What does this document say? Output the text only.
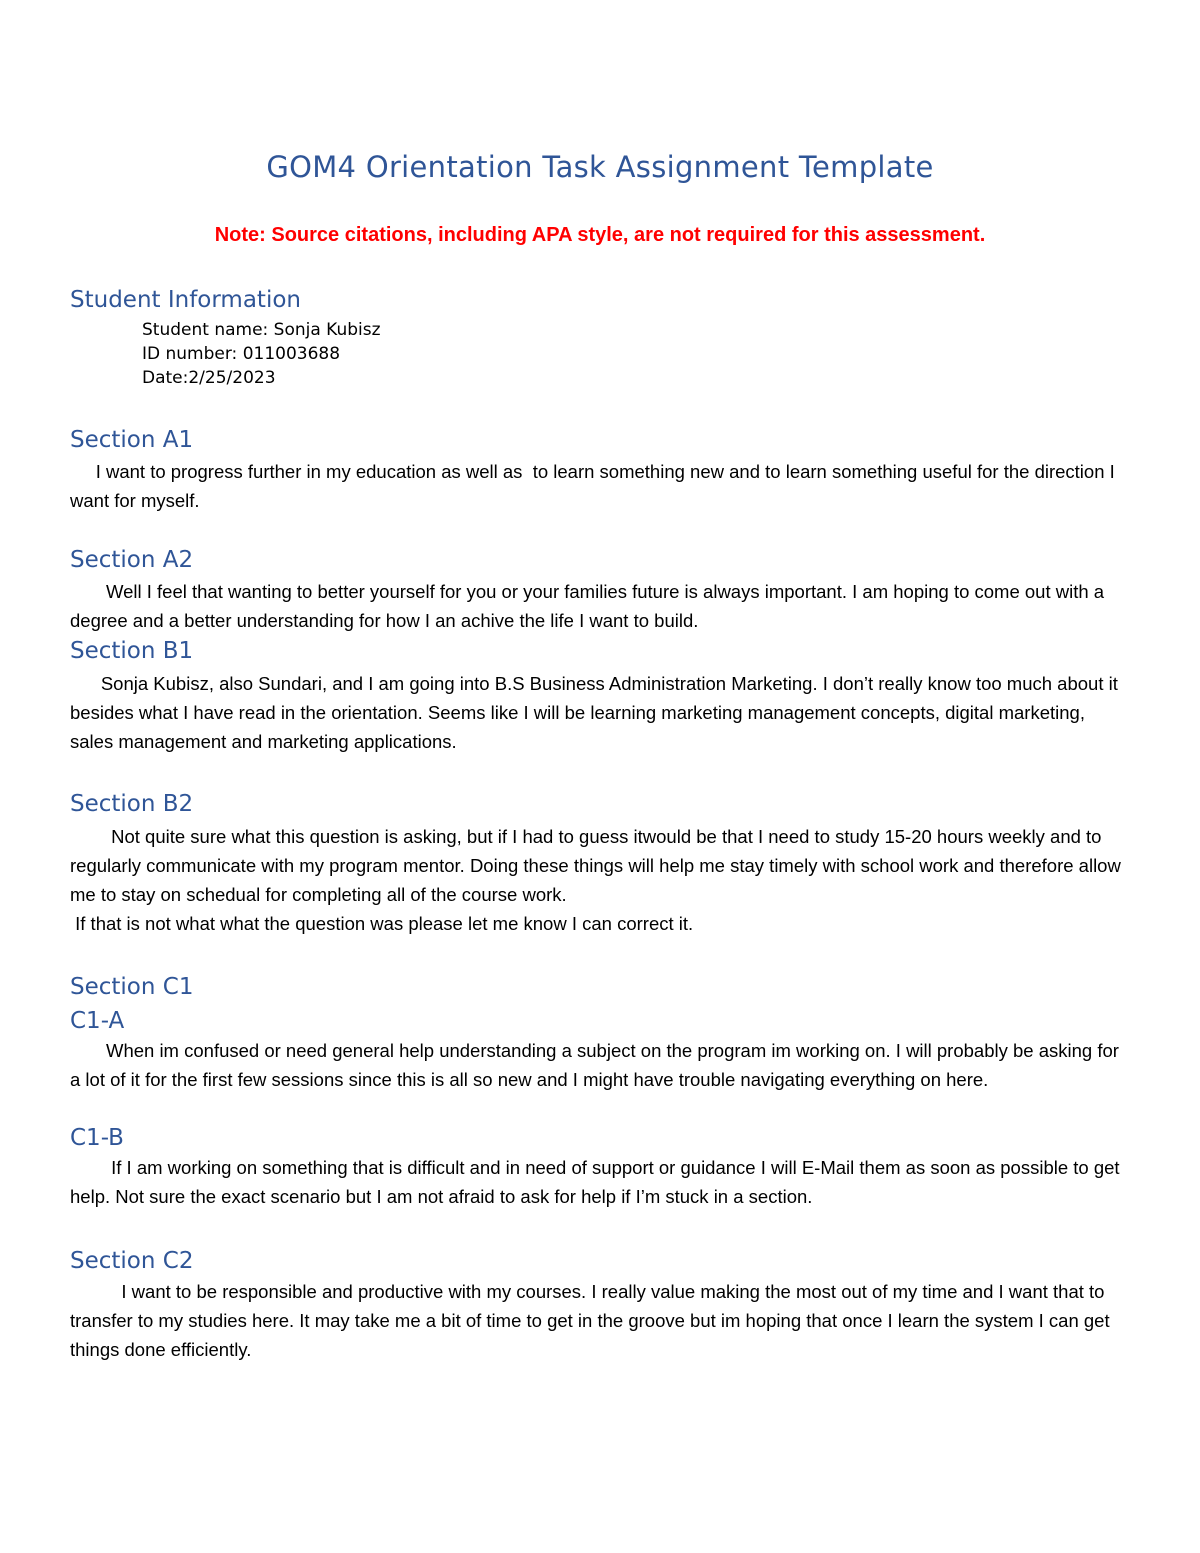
GOM4 Orientation Task Assignment Template
Note: Source citations, including APA style, are not required for this assessment.
Student Information
Student name: Sonja Kubisz
ID number: 011003688
Date:2/25/2023
Section A1

I want to progress further in my education as well as  to learn something new and to learn something useful for the direction I want for myself.

Section A2

Well I feel that wanting to better yourself for you or your families future is always important. I am hoping to come out with a degree and a better understanding for how I an achive the life I want to build.

Section B1

Sonja Kubisz, also Sundari, and I am going into B.S Business Administration Marketing. I don’t really know too much about it besides what I have read in the orientation. Seems like I will be learning marketing management concepts, digital marketing, sales management and marketing applications.

Section B2

Not quite sure what this question is asking, but if I had to guess itwould be that I need to study 15-20 hours weekly and to regularly communicate with my program mentor. Doing these things will help me stay timely with school work and therefore allow me to stay on schedual for completing all of the course work.
If that is not what what the question was please let me know I can correct it.

Section C1
C1-A

When im confused or need general help understanding a subject on the program im working on. I will probably be asking for a lot of it for the first few sessions since this is all so new and I might have trouble navigating everything on here.

C1-B

If I am working on something that is difficult and in need of support or guidance I will E-Mail them as soon as possible to get help. Not sure the exact scenario but I am not afraid to ask for help if I’m stuck in a section.

Section C2

I want to be responsible and productive with my courses. I really value making the most out of my time and I want that to transfer to my studies here. It may take me a bit of time to get in the groove but im hoping that once I learn the system I can get things done efficiently.
